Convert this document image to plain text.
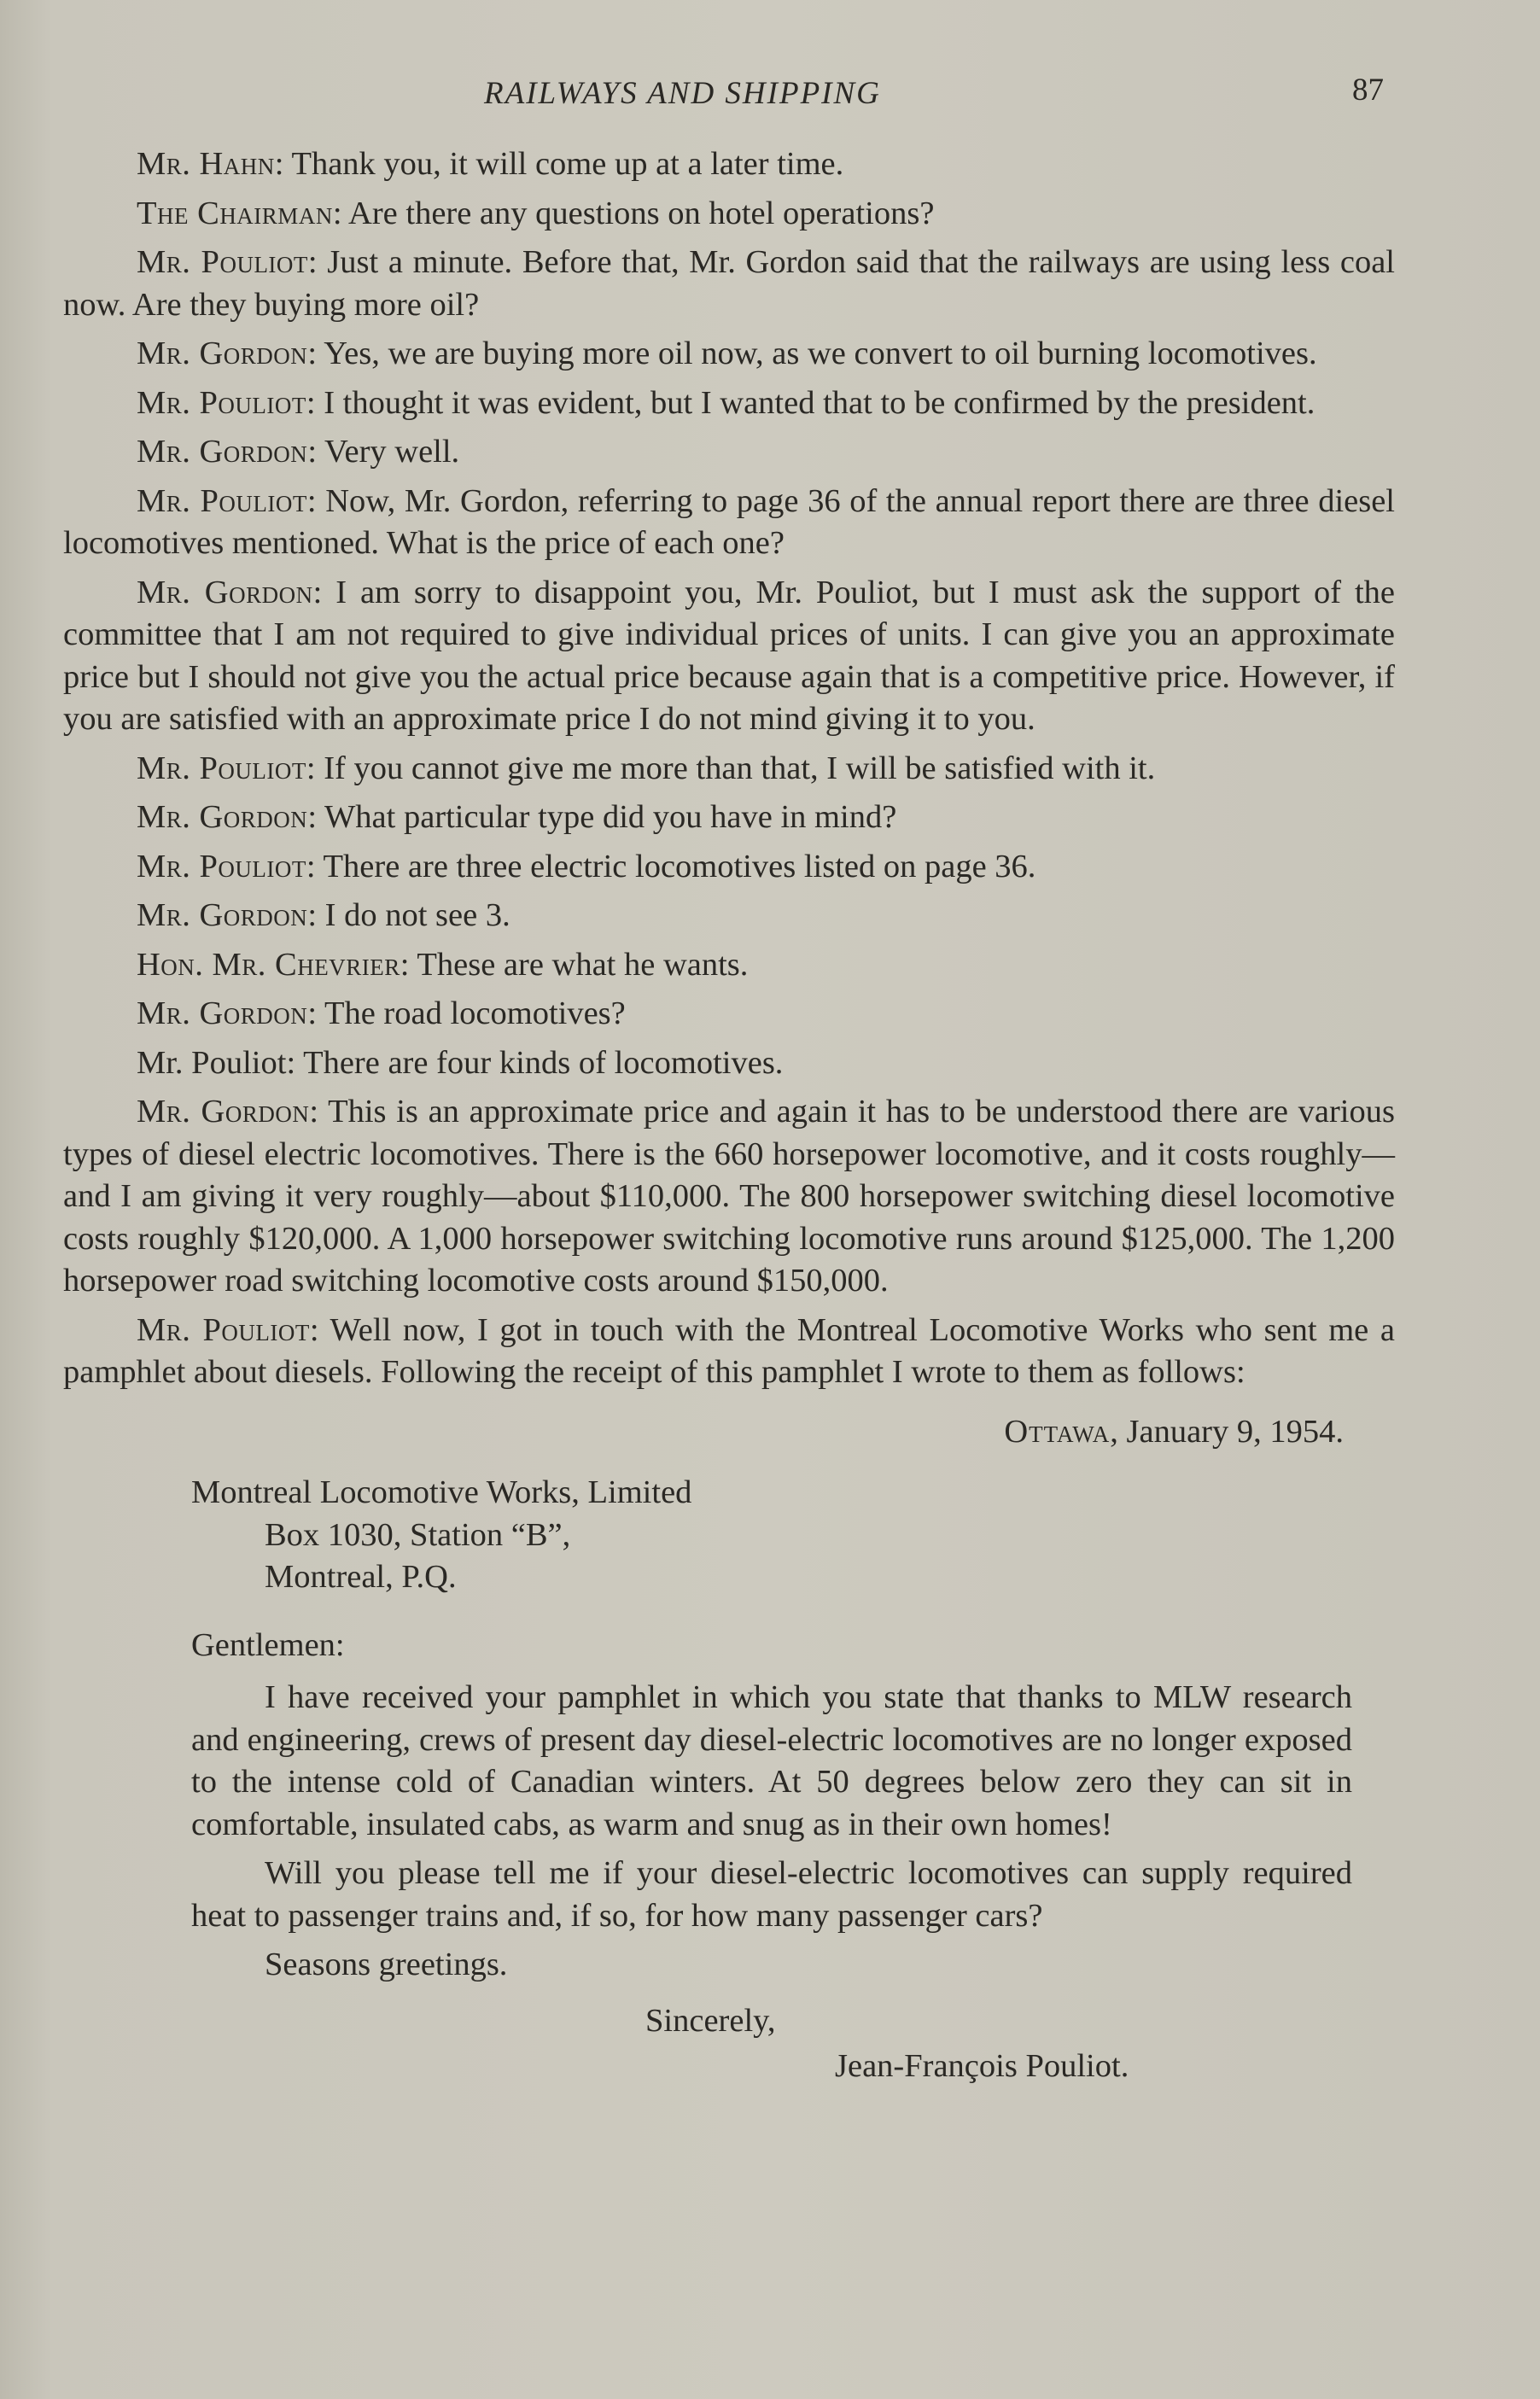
RAILWAYS AND SHIPPING	87

Mr. Hahn: Thank you, it will come up at a later time.

The Chairman: Are there any questions on hotel operations?

Mr. Pouliot: Just a minute. Before that, Mr. Gordon said that the railways are using less coal now. Are they buying more oil?

Mr. Gordon: Yes, we are buying more oil now, as we convert to oil burning locomotives.

Mr. Pouliot: I thought it was evident, but I wanted that to be confirmed by the president.

Mr. Gordon: Very well.

Mr. Pouliot: Now, Mr. Gordon, referring to page 36 of the annual report there are three diesel locomotives mentioned. What is the price of each one?

Mr. Gordon: I am sorry to disappoint you, Mr. Pouliot, but I must ask the support of the committee that I am not required to give individual prices of units. I can give you an approximate price but I should not give you the actual price because again that is a competitive price. However, if you are satisfied with an approximate price I do not mind giving it to you.

Mr. Pouliot: If you cannot give me more than that, I will be satisfied with it.

Mr. Gordon: What particular type did you have in mind?

Mr. Pouliot: There are three electric locomotives listed on page 36.

Mr. Gordon: I do not see 3.

Hon. Mr. Chevrier: These are what he wants.

Mr. Gordon: The road locomotives?

Mr. Pouliot: There are four kinds of locomotives.

Mr. Gordon: This is an approximate price and again it has to be understood there are various types of diesel electric locomotives. There is the 660 horsepower locomotive, and it costs roughly—and I am giving it very roughly—about $110,000. The 800 horsepower switching diesel locomotive costs roughly $120,000. A 1,000 horsepower switching locomotive runs around $125,000. The 1,200 horsepower road switching locomotive costs around $150,000.

Mr. Pouliot: Well now, I got in touch with the Montreal Locomotive Works who sent me a pamphlet about diesels. Following the receipt of this pamphlet I wrote to them as follows:

Ottawa, January 9, 1954.

Montreal Locomotive Works, Limited

Box 1030, Station “B”,

Montreal, P.Q.

Gentlemen:

I have received your pamphlet in which you state that thanks to MLW research and engineering, crews of present day diesel-electric locomotives are no longer exposed to the intense cold of Canadian winters. At 50 degrees below zero they can sit in comfortable, insulated cabs, as warm and snug as in their own homes!

Will you please tell me if your diesel-electric locomotives can supply required heat to passenger trains and, if so, for how many passenger cars?

Seasons greetings.

Sincerely,

Jean-François Pouliot.
